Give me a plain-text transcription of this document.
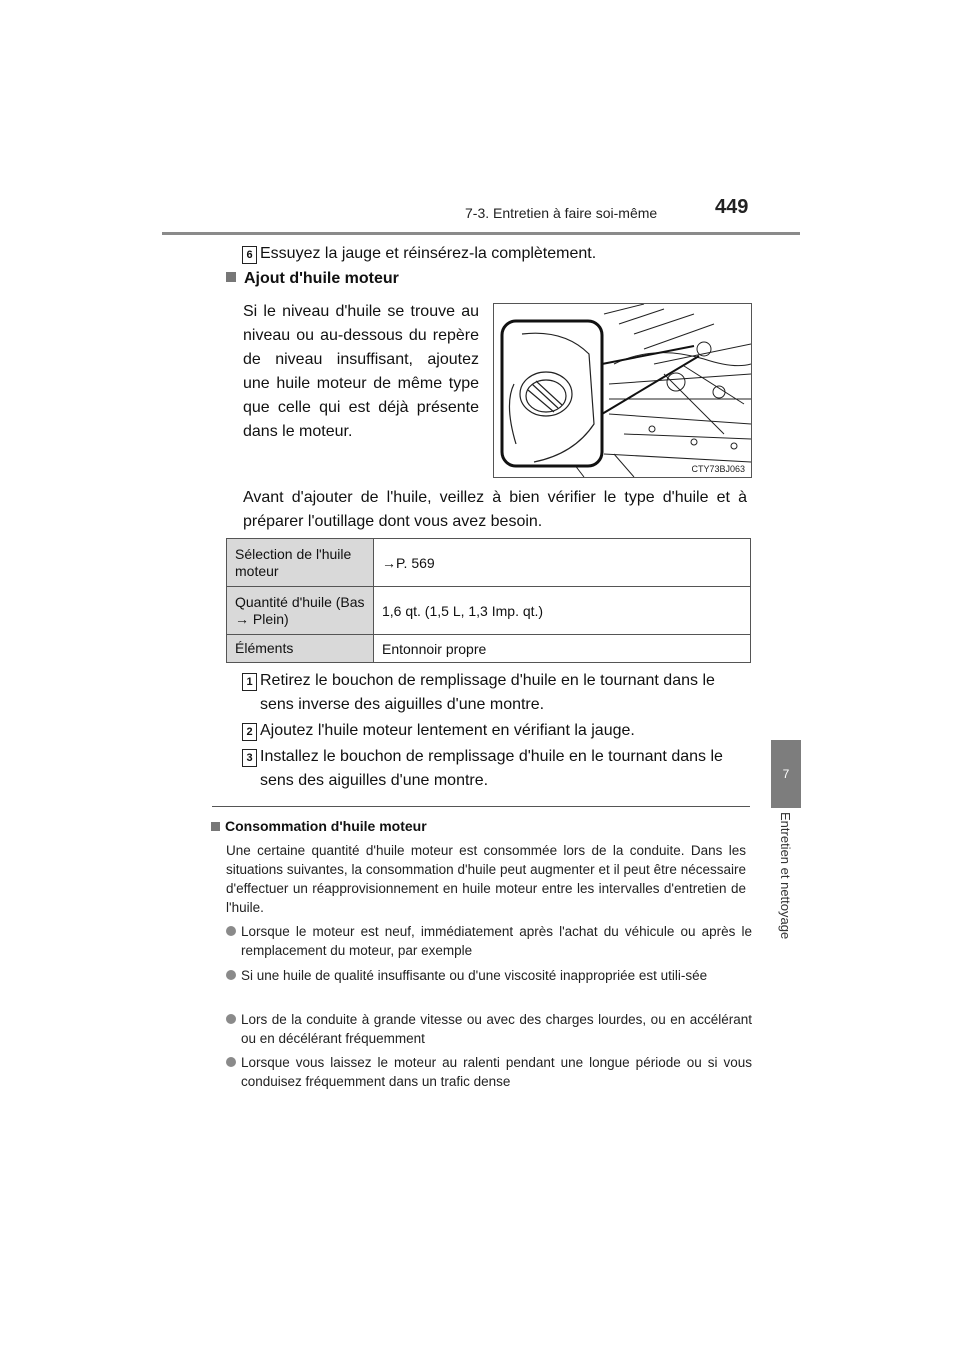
7-3. Entretien à faire soi-même	449
7
Entretien et nettoyage
6 Essuyez la jauge et réinsérez-la complètement.
Ajout d'huile moteur
Si le niveau d'huile se trouve au niveau ou au-dessous du repère de niveau insuffisant, ajoutez une huile moteur de même type que celle qui est déjà présente dans le moteur.
CTY73BJ063
Avant d'ajouter de l'huile, veillez à bien vérifier le type d'huile et à préparer l'outillage dont vous avez besoin.
Sélection de l'huile moteur	→P. 569
Quantité d'huile (Bas → Plein)	1,6 qt. (1,5 L, 1,3 Imp. qt.)
Éléments	Entonnoir propre
1 Retirez le bouchon de remplissage d'huile en le tournant dans le sens inverse des aiguilles d'une montre.
2 Ajoutez l'huile moteur lentement en vérifiant la jauge.
3 Installez le bouchon de remplissage d'huile en le tournant dans le sens des aiguilles d'une montre.
Consommation d'huile moteur
Une certaine quantité d'huile moteur est consommée lors de la conduite. Dans les situations suivantes, la consommation d'huile peut augmenter et il peut être nécessaire d'effectuer un réapprovisionnement en huile moteur entre les intervalles d'entretien de l'huile.
Lorsque le moteur est neuf, immédiatement après l'achat du véhicule ou après le remplacement du moteur, par exemple
Si une huile de qualité insuffisante ou d'une viscosité inappropriée est utili-sée
Lors de la conduite à grande vitesse ou avec des charges lourdes, ou en accélérant ou en décélérant fréquemment
Lorsque vous laissez le moteur au ralenti pendant une longue période ou si vous conduisez fréquemment dans un trafic dense
